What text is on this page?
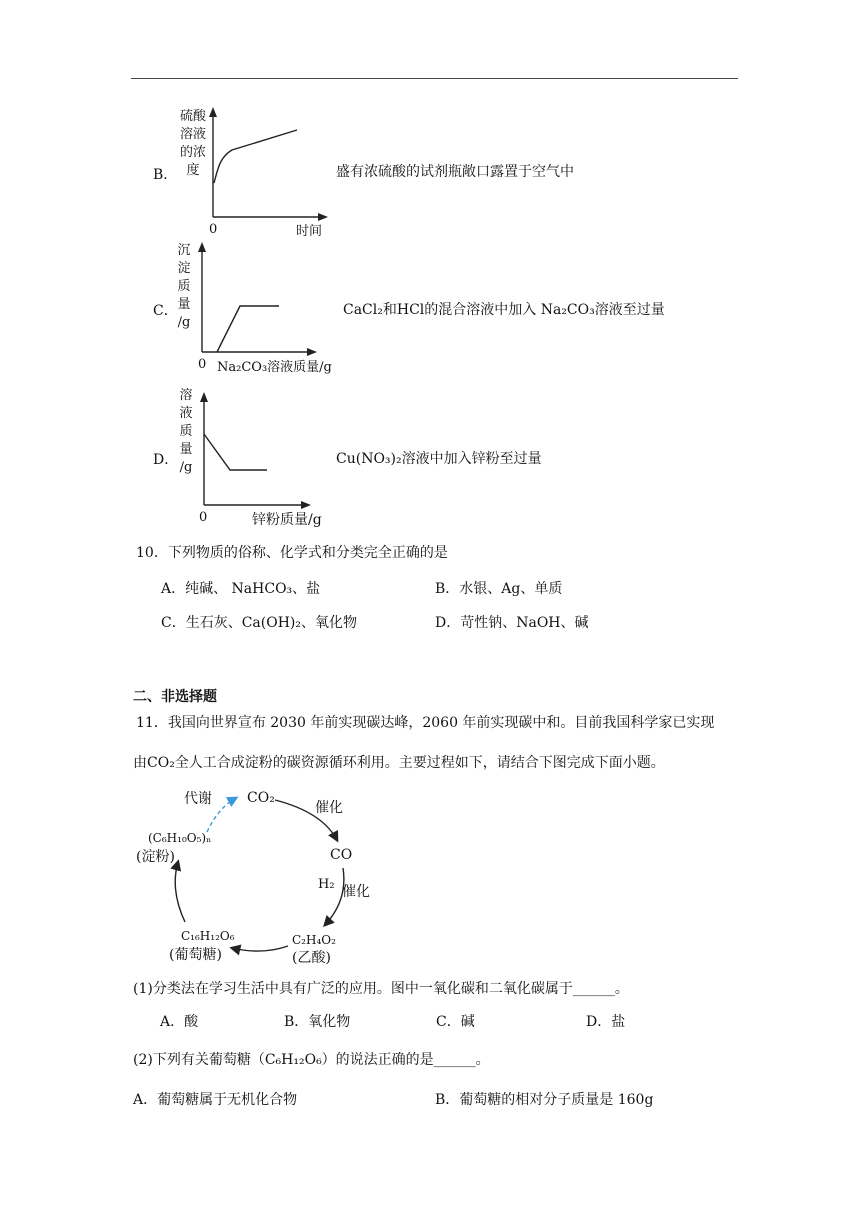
B．
硫酸
溶液
的浓
度
0	时间
盛有浓硫酸的试剂瓶敞口露置于空气中
C．
沉
淀
质
量
/g
0 Na₂CO₃溶液质量/g
CaCl₂和HCl的混合溶液中加入 Na₂CO₃溶液至过量
D．
溶
液
质
量
/g
0	锌粉质量/g
Cu(NO₃)₂溶液中加入锌粉至过量
10．下列物质的俗称、化学式和分类完全正确的是
A．纯碱、 NaHCO₃、盐	B．水银、Ag、单质
C．生石灰、Ca(OH)₂、氧化物	D．苛性钠、NaOH、碱
二、非选择题
11．我国向世界宣布 2030 年前实现碳达峰，2060 年前实现碳中和。目前我国科学家已实现
由CO₂全人工合成淀粉的碳资源循环利用。主要过程如下，请结合下图完成下面小题。
代谢	CO₂
催化
CO
H₂ 催化
C₂H₄O₂
(乙酸)
C₁₆H₁₂O₆
(葡萄糖)
(C₆H₁₀O₅)ₙ
(淀粉)
(1)分类法在学习生活中具有广泛的应用。图中一氧化碳和二氧化碳属于______。
A．酸	B．氧化物	C．碱	D．盐
(2)下列有关葡萄糖（C₆H₁₂O₆）的说法正确的是______。
A．葡萄糖属于无机化合物	B．葡萄糖的相对分子质量是 160g
